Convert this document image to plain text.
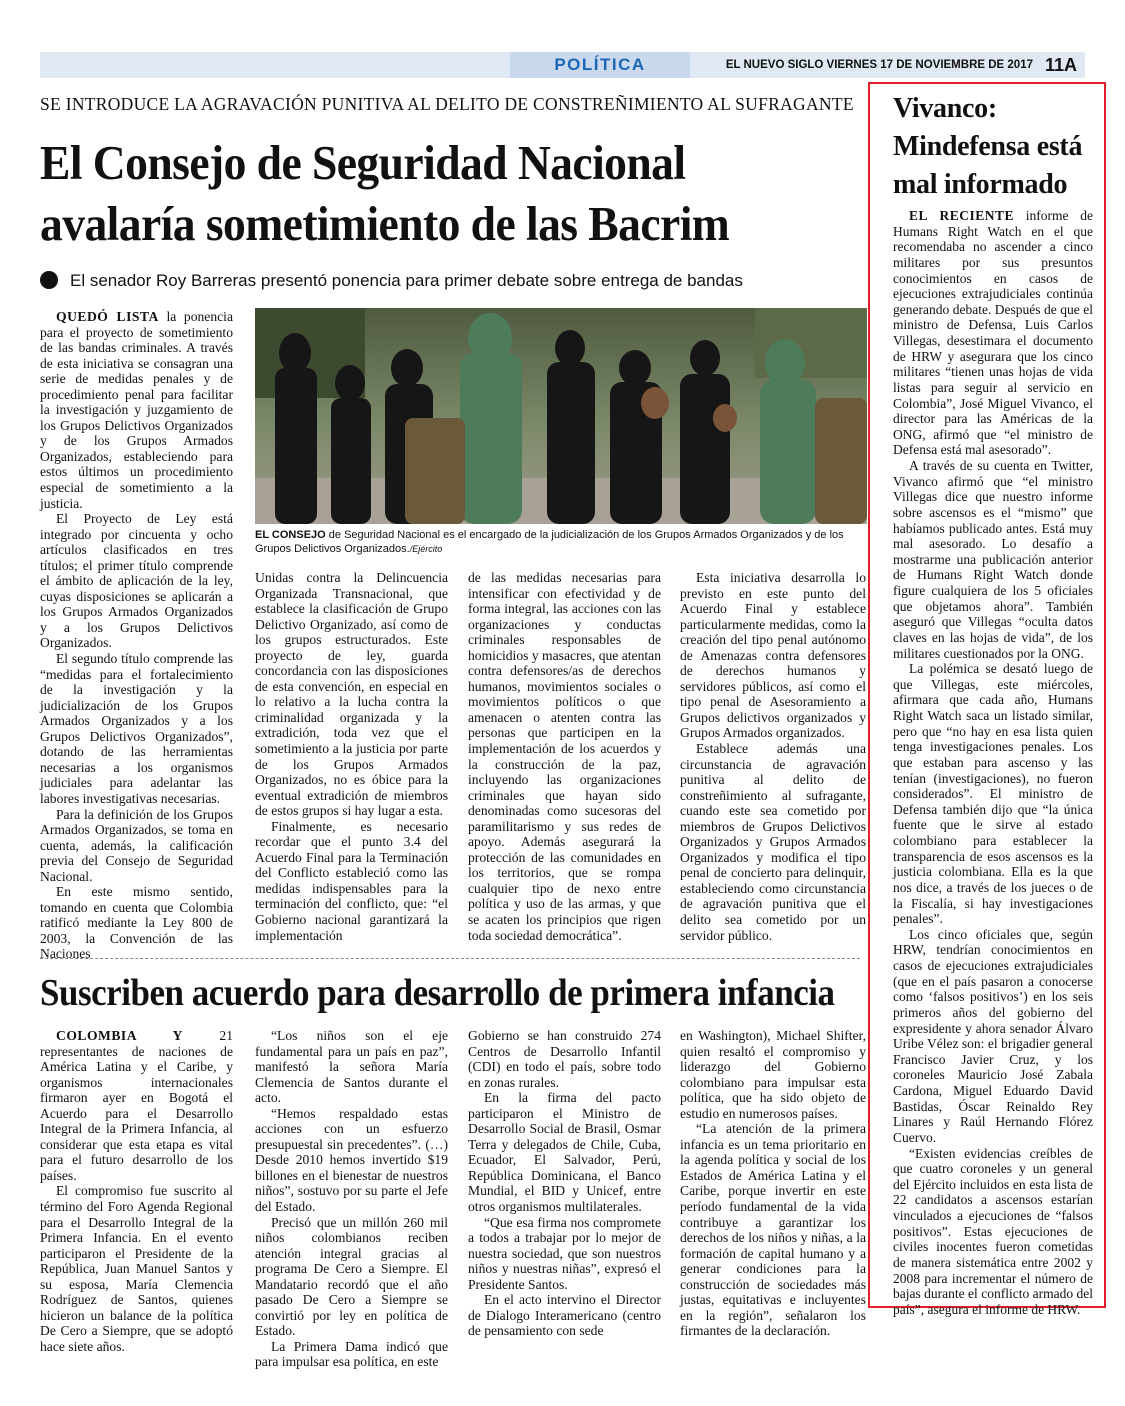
POLÍTICA	EL NUEVO SIGLO VIERNES 17 DE NOVIEMBRE DE 2017 11A
SE INTRODUCE LA AGRAVACIÓN PUNITIVA AL DELITO DE CONSTREÑIMIENTO AL SUFRAGANTE
El Consejo de Seguridad Nacional
avalaría sometimiento de las Bacrim
El senador Roy Barreras presentó ponencia para primer debate sobre entrega de bandas

QUEDÓ LISTA la ponencia para el proyecto de sometimiento de las bandas criminales. A través de esta iniciativa se consagran una serie de medidas penales y de procedimiento penal para facilitar la investigación y juzgamiento de los Grupos Delictivos Organizados y de los Grupos Armados Organizados, estableciendo para estos últimos un procedimiento especial de sometimiento a la justicia.

El Proyecto de Ley está integrado por cincuenta y ocho artículos clasificados en tres títulos; el primer título comprende el ámbito de aplicación de la ley, cuyas disposiciones se aplicarán a los Grupos Armados Organizados y a los Grupos Delictivos Organizados.

El segundo título comprende las “medidas para el fortalecimiento de la investigación y la judicialización de los Grupos Armados Organizados y a los Grupos Delictivos Organizados”, dotando de las herramientas necesarias a los organismos judiciales para adelantar las labores investigativas necesarias.

Para la definición de los Grupos Armados Organizados, se toma en cuenta, además, la calificación previa del Consejo de Seguridad Nacional.

En este mismo sentido, tomando en cuenta que Colombia ratificó mediante la Ley 800 de 2003, la Convención de las Naciones

EL CONSEJO de Seguridad Nacional es el encargado de la judicialización de los Grupos Armados Organizados y de los Grupos Delictivos Organizados./Ejército

Unidas contra la Delincuencia Organizada Transnacional, que establece la clasificación de Grupo Delictivo Organizado, así como de los grupos estructurados. Este proyecto de ley, guarda concordancia con las disposiciones de esta convención, en especial en lo relativo a la lucha contra la criminalidad organizada y la extradición, toda vez que el sometimiento a la justicia por parte de los Grupos Armados Organizados, no es óbice para la eventual extradición de miembros de estos grupos si hay lugar a esta.

Finalmente, es necesario recordar que el punto 3.4 del Acuerdo Final para la Terminación del Conflicto estableció como las medidas indispensables para la terminación del conflicto, que: “el Gobierno nacional garantizará la implementación

de las medidas necesarias para intensificar con efectividad y de forma integral, las acciones con las organizaciones y conductas criminales responsables de homicidios y masacres, que atentan contra defensores/as de derechos humanos, movimientos sociales o movimientos políticos o que amenacen o atenten contra las personas que participen en la implementación de los acuerdos y la construcción de la paz, incluyendo las organizaciones criminales que hayan sido denominadas como sucesoras del paramilitarismo y sus redes de apoyo. Además asegurará la protección de las comunidades en los territorios, que se rompa cualquier tipo de nexo entre política y uso de las armas, y que se acaten los principios que rigen toda sociedad democrática”.

Esta iniciativa desarrolla lo previsto en este punto del Acuerdo Final y establece particularmente medidas, como la creación del tipo penal autónomo de Amenazas contra defensores de derechos humanos y servidores públicos, así como el tipo penal de Asesoramiento a Grupos delictivos organizados y Grupos Armados organizados.

Establece además una circunstancia de agravación punitiva al delito de constreñimiento al sufragante, cuando este sea cometido por miembros de Grupos Delictivos Organizados y Grupos Armados Organizados y modifica el tipo penal de concierto para delinquir, estableciendo como circunstancia de agravación punitiva que el delito sea cometido por un servidor público.

Suscriben acuerdo para desarrollo de primera infancia

COLOMBIA Y 21 representantes de naciones de América Latina y el Caribe, y organismos internacionales firmaron ayer en Bogotá el Acuerdo para el Desarrollo Integral de la Primera Infancia, al considerar que esta etapa es vital para el futuro desarrollo de los países.

El compromiso fue suscrito al término del Foro Agenda Regional para el Desarrollo Integral de la Primera Infancia. En el evento participaron el Presidente de la República, Juan Manuel Santos y su esposa, María Clemencia Rodríguez de Santos, quienes hicieron un balance de la política De Cero a Siempre, que se adoptó hace siete años.

“Los niños son el eje fundamental para un país en paz”, manifestó la señora María Clemencia de Santos durante el acto.

“Hemos respaldado estas acciones con un esfuerzo presupuestal sin precedentes”. (…) Desde 2010 hemos invertido $19 billones en el bienestar de nuestros niños”, sostuvo por su parte el Jefe del Estado.

Precisó que un millón 260 mil niños colombianos reciben atención integral gracias al programa De Cero a Siempre. El Mandatario recordó que el año pasado De Cero a Siempre se convirtió por ley en política de Estado.

La Primera Dama indicó que para impulsar esa política, en este

Gobierno se han construido 274 Centros de Desarrollo Infantil (CDI) en todo el país, sobre todo en zonas rurales.

En la firma del pacto participaron el Ministro de Desarrollo Social de Brasil, Osmar Terra y delegados de Chile, Cuba, Ecuador, El Salvador, Perú, República Dominicana, el Banco Mundial, el BID y Unicef, entre otros organismos multilaterales.

“Que esa firma nos compromete a todos a trabajar por lo mejor de nuestra sociedad, que son nuestros niños y nuestras niñas”, expresó el Presidente Santos.

En el acto intervino el Director de Dialogo Interamericano (centro de pensamiento con sede

en Washington), Michael Shifter, quien resaltó el compromiso y liderazgo del Gobierno colombiano para impulsar esta política, que ha sido objeto de estudio en numerosos países.

“La atención de la primera infancia es un tema prioritario en la agenda política y social de los Estados de América Latina y el Caribe, porque invertir en este período fundamental de la vida contribuye a garantizar los derechos de los niños y niñas, a la formación de capital humano y a generar condiciones para la construcción de sociedades más justas, equitativas e incluyentes en la región”, señalaron los firmantes de la declaración.

Vivanco: Mindefensa está mal informado

EL RECIENTE informe de Humans Right Watch en el que recomendaba no ascender a cinco militares por sus presuntos conocimientos en casos de ejecuciones extrajudiciales continúa generando debate. Después de que el ministro de Defensa, Luis Carlos Villegas, desestimara el documento de HRW y asegurara que los cinco militares “tienen unas hojas de vida listas para seguir al servicio en Colombia”, José Miguel Vivanco, el director para las Américas de la ONG, afirmó que “el ministro de Defensa está mal asesorado”.

A través de su cuenta en Twitter, Vivanco afirmó que “el ministro Villegas dice que nuestro informe sobre ascensos es el “mismo” que habíamos publicado antes. Está muy mal asesorado. Lo desafío a mostrarme una publicación anterior de Humans Right Watch donde figure cualquiera de los 5 oficiales que objetamos ahora”. También aseguró que Villegas “oculta datos claves en las hojas de vida”, de los militares cuestionados por la ONG.

La polémica se desató luego de que Villegas, este miércoles, afirmara que cada año, Humans Right Watch saca un listado similar, pero que “no hay en esa lista quien tenga investigaciones penales. Los que estaban para ascenso y las tenían (investigaciones), no fueron considerados”. El ministro de Defensa también dijo que “la única fuente que le sirve al estado colombiano para establecer la transparencia de esos ascensos es la justicia colombiana. Ella es la que nos dice, a través de los jueces o de la Fiscalía, si hay investigaciones penales”.

Los cinco oficiales que, según HRW, tendrían conocimientos en casos de ejecuciones extrajudiciales (que en el país pasaron a conocerse como ‘falsos positivos’) en los seis primeros años del gobierno del expresidente y ahora senador Álvaro Uribe Vélez son: el brigadier general Francisco Javier Cruz, y los coroneles Mauricio José Zabala Cardona, Miguel Eduardo David Bastidas, Óscar Reinaldo Rey Linares y Raúl Hernando Flórez Cuervo.

“Existen evidencias creíbles de que cuatro coroneles y un general del Ejército incluidos en esta lista de 22 candidatos a ascensos estarían vinculados a ejecuciones de “falsos positivos”. Estas ejecuciones de civiles inocentes fueron cometidas de manera sistemática entre 2002 y 2008 para incrementar el número de bajas durante el conflicto armado del país”, asegura el informe de HRW.
